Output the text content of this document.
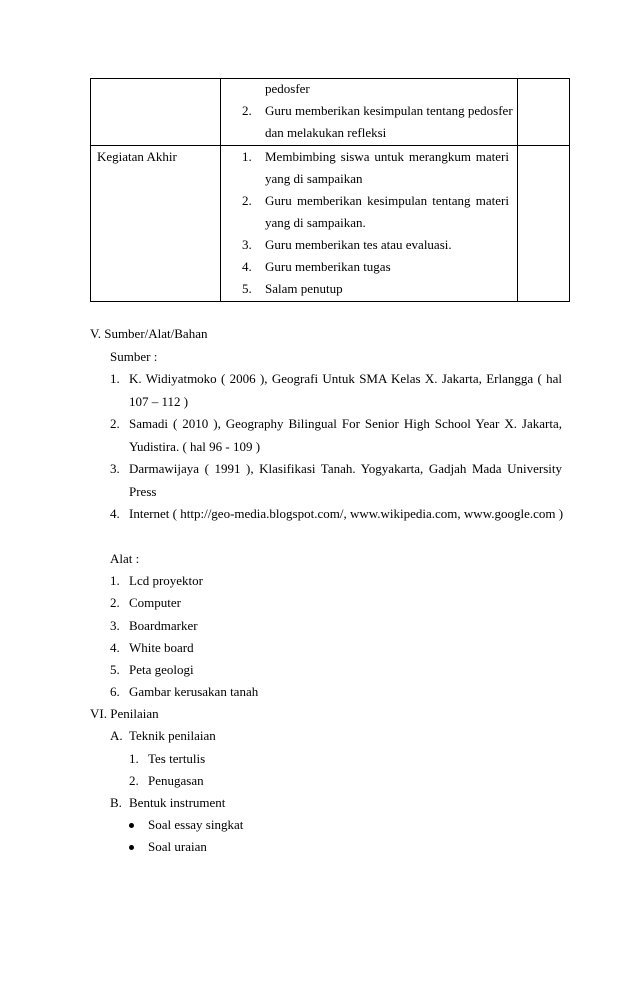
pedosfer
2. Guru memberikan kesimpulan tentang pedosfer
dan melakukan refleksi
Kegiatan Akhir	1. Membimbing siswa untuk merangkum materi
yang di sampaikan
2. Guru memberikan kesimpulan tentang materi
yang di sampaikan.
3. Guru memberikan tes atau evaluasi.
4. Guru memberikan tugas
5. Salam penutup
V. Sumber/Alat/Bahan
Sumber :
1. K. Widiyatmoko ( 2006 ), Geografi Untuk SMA Kelas X. Jakarta, Erlangga ( hal
107 – 112 )
2. Samadi ( 2010 ), Geography Bilingual For Senior High School Year X. Jakarta,
Yudistira. ( hal 96 - 109 )
3. Darmawijaya ( 1991 ), Klasifikasi Tanah. Yogyakarta, Gadjah Mada University
Press
4. Internet ( http://geo-media.blogspot.com/, www.wikipedia.com, www.google.com )
Alat :
1. Lcd proyektor
2. Computer
3. Boardmarker
4. White board
5. Peta geologi
6. Gambar kerusakan tanah
VI. Penilaian
A. Teknik penilaian
1. Tes tertulis
2. Penugasan
B. Bentuk instrument
Soal essay singkat
Soal uraian
